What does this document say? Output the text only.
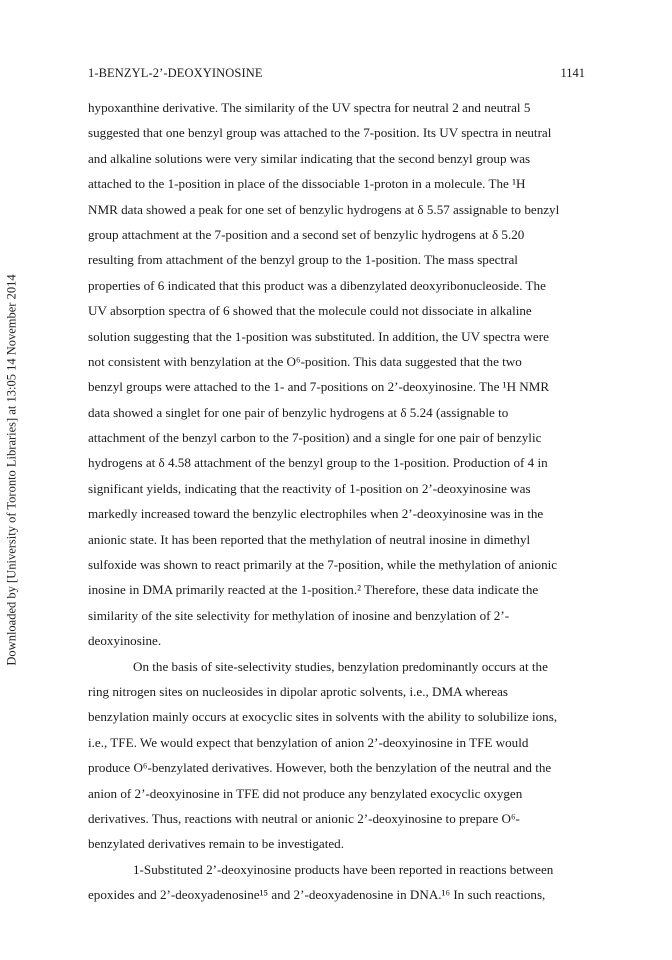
1-BENZYL-2’-DEOXYINOSINE	1141
Downloaded by [University of Toronto Libraries] at 13:05 14 November 2014
hypoxanthine derivative. The similarity of the UV spectra for neutral 2 and neutral 5
suggested that one benzyl group was attached to the 7-position. Its UV spectra in neutral
and alkaline solutions were very similar indicating that the second benzyl group was
attached to the 1-position in place of the dissociable 1-proton in a molecule. The ¹H
NMR data showed a peak for one set of benzylic hydrogens at δ 5.57 assignable to benzyl
group attachment at the 7-position and a second set of benzylic hydrogens at δ 5.20
resulting from attachment of the benzyl group to the 1-position. The mass spectral
properties of 6 indicated that this product was a dibenzylated deoxyribonucleoside. The
UV absorption spectra of 6 showed that the molecule could not dissociate in alkaline
solution suggesting that the 1-position was substituted. In addition, the UV spectra were
not consistent with benzylation at the O⁶-position. This data suggested that the two
benzyl groups were attached to the 1- and 7-positions on 2’-deoxyinosine. The ¹H NMR
data showed a singlet for one pair of benzylic hydrogens at δ 5.24 (assignable to
attachment of the benzyl carbon to the 7-position) and a single for one pair of benzylic
hydrogens at δ 4.58 attachment of the benzyl group to the 1-position. Production of 4 in
significant yields, indicating that the reactivity of 1-position on 2’-deoxyinosine was
markedly increased toward the benzylic electrophiles when 2’-deoxyinosine was in the
anionic state. It has been reported that the methylation of neutral inosine in dimethyl
sulfoxide was shown to react primarily at the 7-position, while the methylation of anionic
inosine in DMA primarily reacted at the 1-position.² Therefore, these data indicate the
similarity of the site selectivity for methylation of inosine and benzylation of 2’-
deoxyinosine.
On the basis of site-selectivity studies, benzylation predominantly occurs at the
ring nitrogen sites on nucleosides in dipolar aprotic solvents, i.e., DMA whereas
benzylation mainly occurs at exocyclic sites in solvents with the ability to solubilize ions,
i.e., TFE. We would expect that benzylation of anion 2’-deoxyinosine in TFE would
produce O⁶-benzylated derivatives. However, both the benzylation of the neutral and the
anion of 2’-deoxyinosine in TFE did not produce any benzylated exocyclic oxygen
derivatives. Thus, reactions with neutral or anionic 2’-deoxyinosine to prepare O⁶-
benzylated derivatives remain to be investigated.
1-Substituted 2’-deoxyinosine products have been reported in reactions between
epoxides and 2’-deoxyadenosine¹⁵ and 2’-deoxyadenosine in DNA.¹⁶ In such reactions,
